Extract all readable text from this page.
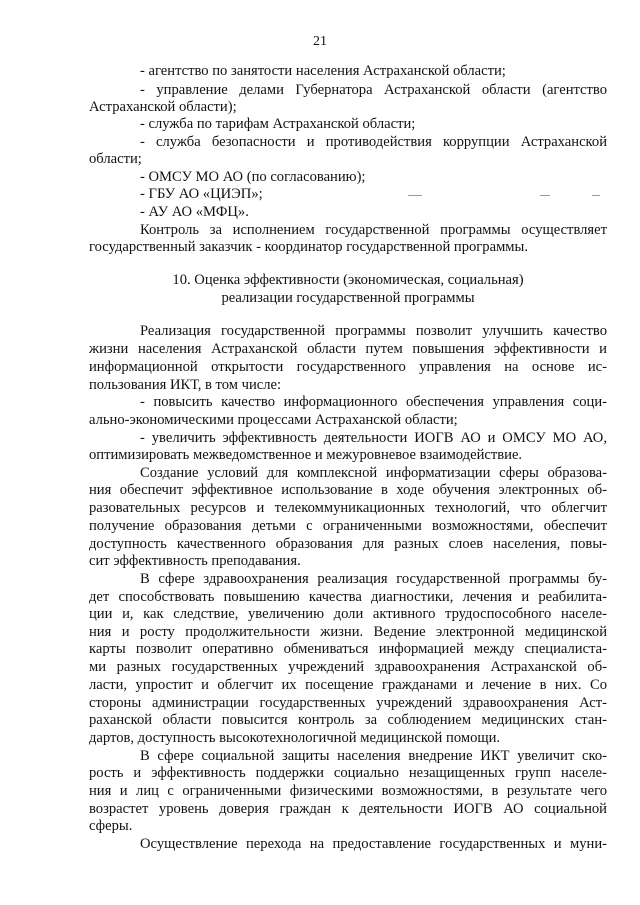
21
- агентство по занятости населения Астраханской области;
- управление делами Губернатора Астраханской области (агентство
Астраханской области);
- служба по тарифам Астраханской области;
- служба безопасности и противодействия коррупции Астраханской
области;
- ОМСУ МО АО (по согласованию);
- ГБУ АО «ЦИЭП»;
- АУ АО «МФЦ».
Контроль за исполнением государственной программы осуществляет
государственный заказчик - координатор государственной программы.
10. Оценка эффективности (экономическая, социальная)
реализации государственной программы
Реализация государственной программы позволит улучшить качество
жизни населения Астраханской области путем повышения эффективности и
информационной открытости государственного управления на основе ис-
пользования ИКТ, в том числе:
- повысить качество информационного обеспечения управления соци-
ально-экономическими процессами Астраханской области;
- увеличить эффективность деятельности ИОГВ АО и ОМСУ МО АО,
оптимизировать межведомственное и межуровневое взаимодействие.
Создание условий для комплексной информатизации сферы образова-
ния обеспечит эффективное использование в ходе обучения электронных об-
разовательных ресурсов и телекоммуникационных технологий, что облегчит
получение образования детьми с ограниченными возможностями, обеспечит
доступность качественного образования для разных слоев населения, повы-
сит эффективность преподавания.
В сфере здравоохранения реализация государственной программы бу-
дет способствовать повышению качества диагностики, лечения и реабилита-
ции и, как следствие, увеличению доли активного трудоспособного населе-
ния и росту продолжительности жизни. Ведение электронной медицинской
карты позволит оперативно обмениваться информацией между специалиста-
ми разных государственных учреждений здравоохранения Астраханской об-
ласти, упростит и облегчит их посещение гражданами и лечение в них. Со
стороны администрации государственных учреждений здравоохранения Аст-
раханской области повысится контроль за соблюдением медицинских стан-
дартов, доступность высокотехнологичной медицинской помощи.
В сфере социальной защиты населения внедрение ИКТ увеличит ско-
рость и эффективность поддержки социально незащищенных групп населе-
ния и лиц с ограниченными физическими возможностями, в результате чего
возрастет уровень доверия граждан к деятельности ИОГВ АО социальной
сферы.
Осуществление перехода на предоставление государственных и муни-
